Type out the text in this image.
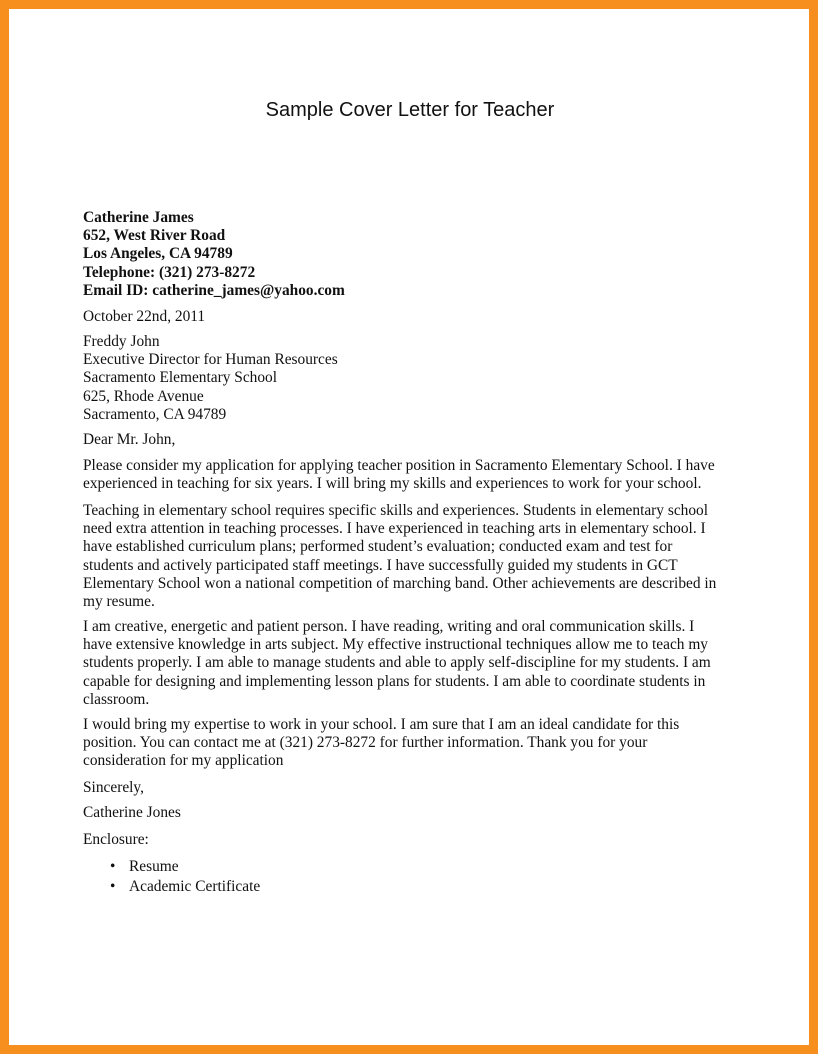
Sample Cover Letter for Teacher
Catherine James
652, West River Road
Los Angeles, CA 94789
Telephone: (321) 273-8272
Email ID: catherine_james@yahoo.com
October 22nd, 2011
Freddy John
Executive Director for Human Resources
Sacramento Elementary School
625, Rhode Avenue
Sacramento, CA 94789
Dear Mr. John,
Please consider my application for applying teacher position in Sacramento Elementary School. I have
experienced in teaching for six years. I will bring my skills and experiences to work for your school.
Teaching in elementary school requires specific skills and experiences. Students in elementary school
need extra attention in teaching processes. I have experienced in teaching arts in elementary school. I
have established curriculum plans; performed student’s evaluation; conducted exam and test for
students and actively participated staff meetings. I have successfully guided my students in GCT
Elementary School won a national competition of marching band. Other achievements are described in
my resume.
I am creative, energetic and patient person. I have reading, writing and oral communication skills. I
have extensive knowledge in arts subject. My effective instructional techniques allow me to teach my
students properly. I am able to manage students and able to apply self-discipline for my students. I am
capable for designing and implementing lesson plans for students. I am able to coordinate students in
classroom.
I would bring my expertise to work in your school. I am sure that I am an ideal candidate for this
position. You can contact me at (321) 273-8272 for further information. Thank you for your
consideration for my application
Sincerely,
Catherine Jones
Enclosure:
• Resume
• Academic Certificate
